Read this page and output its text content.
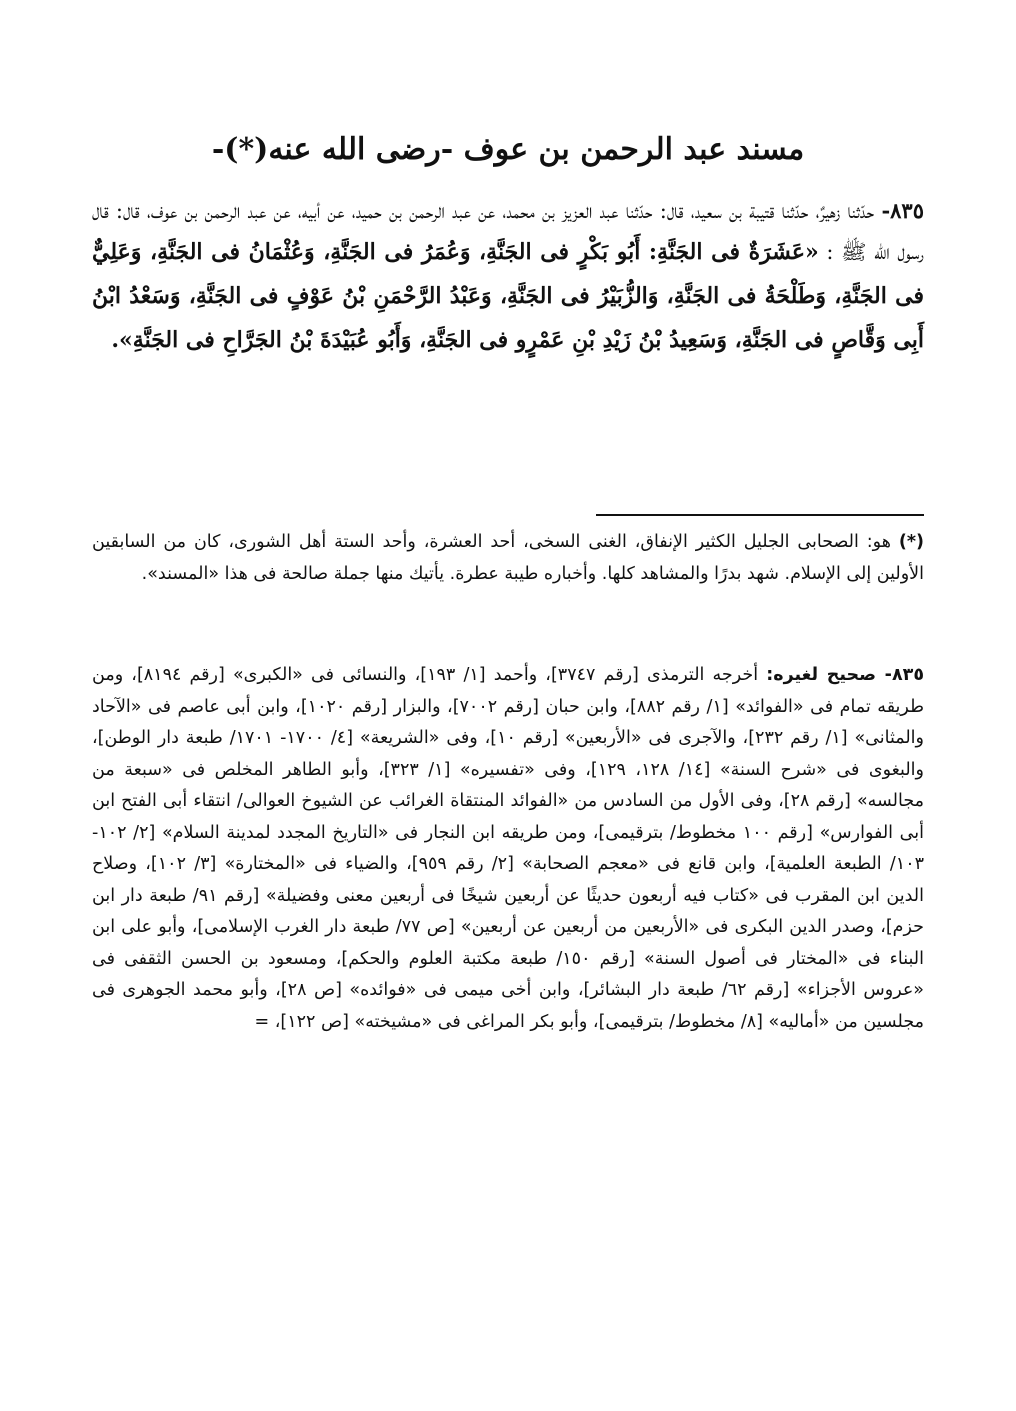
مسند عبد الرحمن بن عوف -رضى الله عنه(*)-
٨٣٥- حدّثنا زهيرٌ، حدّثنا قتيبة بن سعيد، قال: حدّثنا عبد العزيز بن محمد، عن عبد الرحمن بن حميد، عن أبيه، عن عبد الرحمن بن عوف، قال: قال رسول اللّه ﷺ : «عَشَرَةٌ فى الجَنَّةِ: أَبُو بَكْرٍ فى الجَنَّةِ، وَعُمَرُ فى الجَنَّةِ، وَعُثْمَانُ فى الجَنَّةِ، وَعَلِيٌّ فى الجَنَّةِ، وَطَلْحَةُ فى الجَنَّةِ، وَالزُّبَيْرُ فى الجَنَّةِ، وَعَبْدُ الرَّحْمَنِ بْنُ عَوْفٍ فى الجَنَّةِ، وَسَعْدُ ابْنُ أَبِى وَقَّاصٍ فى الجَنَّةِ، وَسَعِيدُ بْنُ زَيْدِ بْنِ عَمْرٍو فى الجَنَّةِ، وَأَبُو عُبَيْدَةَ بْنُ الجَرَّاحِ فى الجَنَّةِ».
(*) هو: الصحابى الجليل الكثير الإنفاق، الغنى السخى، أحد العشرة، وأحد الستة أهل الشورى، كان من السابقين الأولين إلى الإسلام. شهد بدرًا والمشاهد كلها. وأخباره طيبة عطرة. يأتيك منها جملة صالحة فى هذا «المسند».
٨٣٥- صحيح لغيره: أخرجه الترمذى [رقم ٣٧٤٧]، وأحمد [١/ ١٩٣]، والنسائى فى «الكبرى» [رقم ٨١٩٤]، ومن طريقه تمام فى «الفوائد» [١/ رقم ٨٨٢]، وابن حبان [رقم ٧٠٠٢]، والبزار [رقم ١٠٢٠]، وابن أبى عاصم فى «الآحاد والمثانى» [١/ رقم ٢٣٢]، والآجرى فى «الأربعين» [رقم ١٠]، وفى «الشريعة» [٤/ ١٧٠٠- ١٧٠١/ طبعة دار الوطن]، والبغوى فى «شرح السنة» [١٤/ ١٢٨، ١٢٩]، وفى «تفسيره» [١/ ٣٢٣]، وأبو الطاهر المخلص فى «سبعة من مجالسه» [رقم ٢٨]، وفى الأول من السادس من «الفوائد المنتقاة الغرائب عن الشيوخ العوالى/ انتقاء أبى الفتح ابن أبى الفوارس» [رقم ١٠٠ مخطوط/ بترقيمى]، ومن طريقه ابن النجار فى «التاريخ المجدد لمدينة السلام» [٢/ ١٠٢- ١٠٣/ الطبعة العلمية]، وابن قانع فى «معجم الصحابة» [٢/ رقم ٩٥٩]، والضياء فى «المختارة» [٣/ ١٠٢]، وصلاح الدين ابن المقرب فى «كتاب فيه أربعون حديثًا عن أربعين شيخًا فى أربعين معنى وفضيلة» [رقم ٩١/ طبعة دار ابن حزم]، وصدر الدين البكرى فى «الأربعين من أربعين عن أربعين» [ص ٧٧/ طبعة دار الغرب الإسلامى]، وأبو على ابن البناء فى «المختار فى أصول السنة» [رقم ١٥٠/ طبعة مكتبة العلوم والحكم]، ومسعود بن الحسن الثقفى فى «عروس الأجزاء» [رقم ٦٢/ طبعة دار البشائر]، وابن أخى ميمى فى «فوائده» [ص ٢٨]، وأبو محمد الجوهرى فى مجلسين من «أماليه» [٨/ مخطوط/ بترقيمى]، وأبو بكر المراغى فى «مشيخته» [ص ١٢٢]، =
